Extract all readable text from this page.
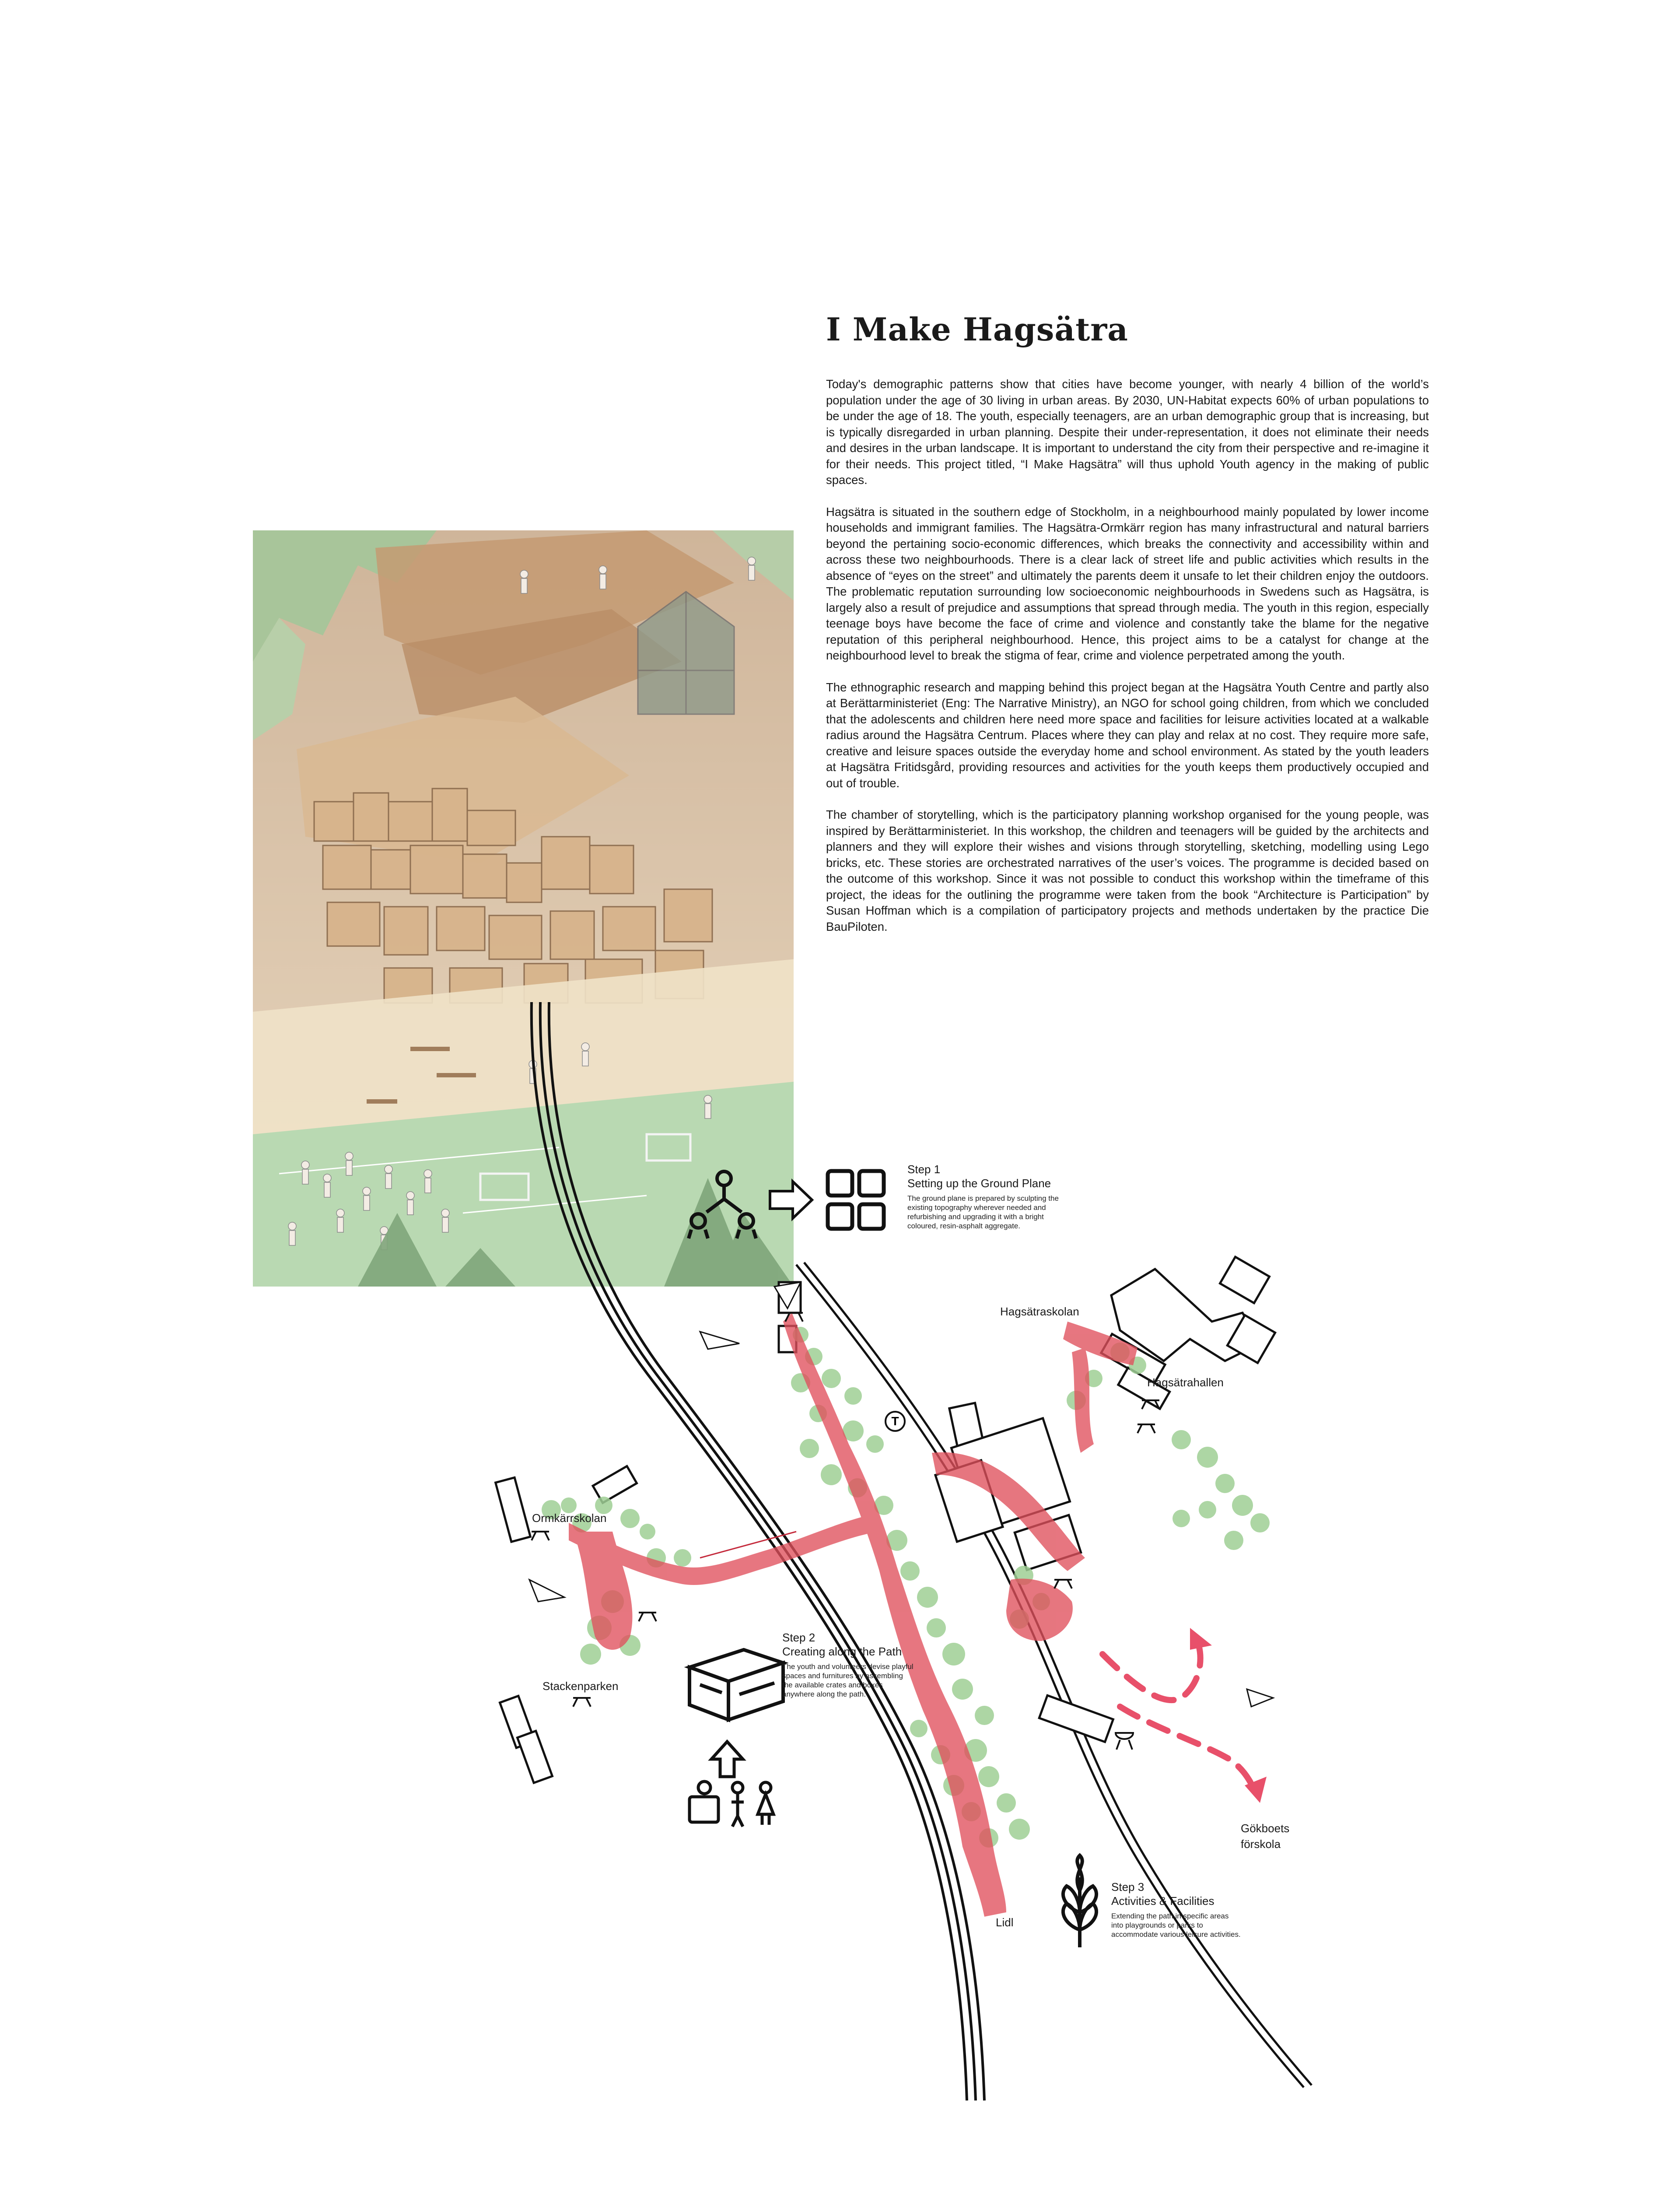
I Make Hagsätra

Today's demographic patterns show that cities have become younger, with nearly 4 billion of the world’s population under the age of 30 living in urban areas. By 2030, UN-Habitat expects 60% of urban populations to be under the age of 18. The youth, especially teenagers, are an urban demographic group that is increasing, but is typically disregarded in urban planning. Despite their under-representation, it does not eliminate their needs and desires in the urban landscape. It is important to understand the city from their perspective and re-imagine it for their needs. This project titled, “I Make Hagsätra” will thus uphold Youth agency in the making of public spaces.

Hagsätra is situated in the southern edge of Stockholm, in a neighbourhood mainly populated by lower income households and immigrant families. The Hagsätra-Ormkärr region has many infrastructural and natural barriers beyond the pertaining socio-economic differences, which breaks the connectivity and accessibility within and across these two neighbourhoods. There is a clear lack of street life and public activities which results in the absence of “eyes on the street” and ultimately the parents deem it unsafe to let their children enjoy the outdoors. The problematic reputation surrounding low socioeconomic neighbourhoods in Swedens such as Hagsätra, is largely also a result of prejudice and assumptions that spread through media. The youth in this region, especially teenage boys have become the face of crime and violence and constantly take the blame for the negative reputation of this peripheral neighbourhood. Hence, this project aims to be a catalyst for change at the neighbourhood level to break the stigma of fear, crime and violence perpetrated among the youth.

The ethnographic research and mapping behind this project began at the Hagsätra Youth Centre and partly also at Berättarministeriet (Eng: The Narrative Ministry), an NGO for school going children, from which we concluded that the adolescents and children here need more space and facilities for leisure activities located at a walkable radius around the Hagsätra Centrum. Places where they can play and relax at no cost. They require more safe, creative and leisure spaces outside the everyday home and school environment. As stated by the youth leaders at Hagsätra Fritidsgård, providing resources and activities for the youth keeps them productively occupied and out of trouble.

The chamber of storytelling, which is the participatory planning workshop organised for the young people, was inspired by Berättarministeriet. In this workshop, the children and teenagers will be guided by the architects and planners and they will explore their wishes and visions through storytelling, sketching, modelling using Lego bricks, etc. These stories are orchestrated narratives of the user’s voices. The programme is decided based on the outcome of this workshop. Since it was not possible to conduct this workshop within the timeframe of this project, the ideas for the outlining the programme were taken from the book “Architecture is Participation” by Susan Hoffman which is a compilation of participatory projects and methods undertaken by the practice Die BauPiloten.

T
Hagsätraskolan
Hagsätrahallen
Ormkärrskolan
Stackenparken
Gökboets
förskola
Lidl
Step 1
Setting up the Ground Plane
The ground plane is prepared by sculpting the existing topography wherever needed and refurbishing and upgrading it with a bright coloured, resin-asphalt aggregate.
Step 2
Creating along the Path
The youth and volunteers devise playful spaces and furnitures by assembling the available crates and boxes anywhere along the path.
Step 3
Activities & Facilities
Extending the path in specific areas into playgrounds or parks to accommodate various leisure activities.
